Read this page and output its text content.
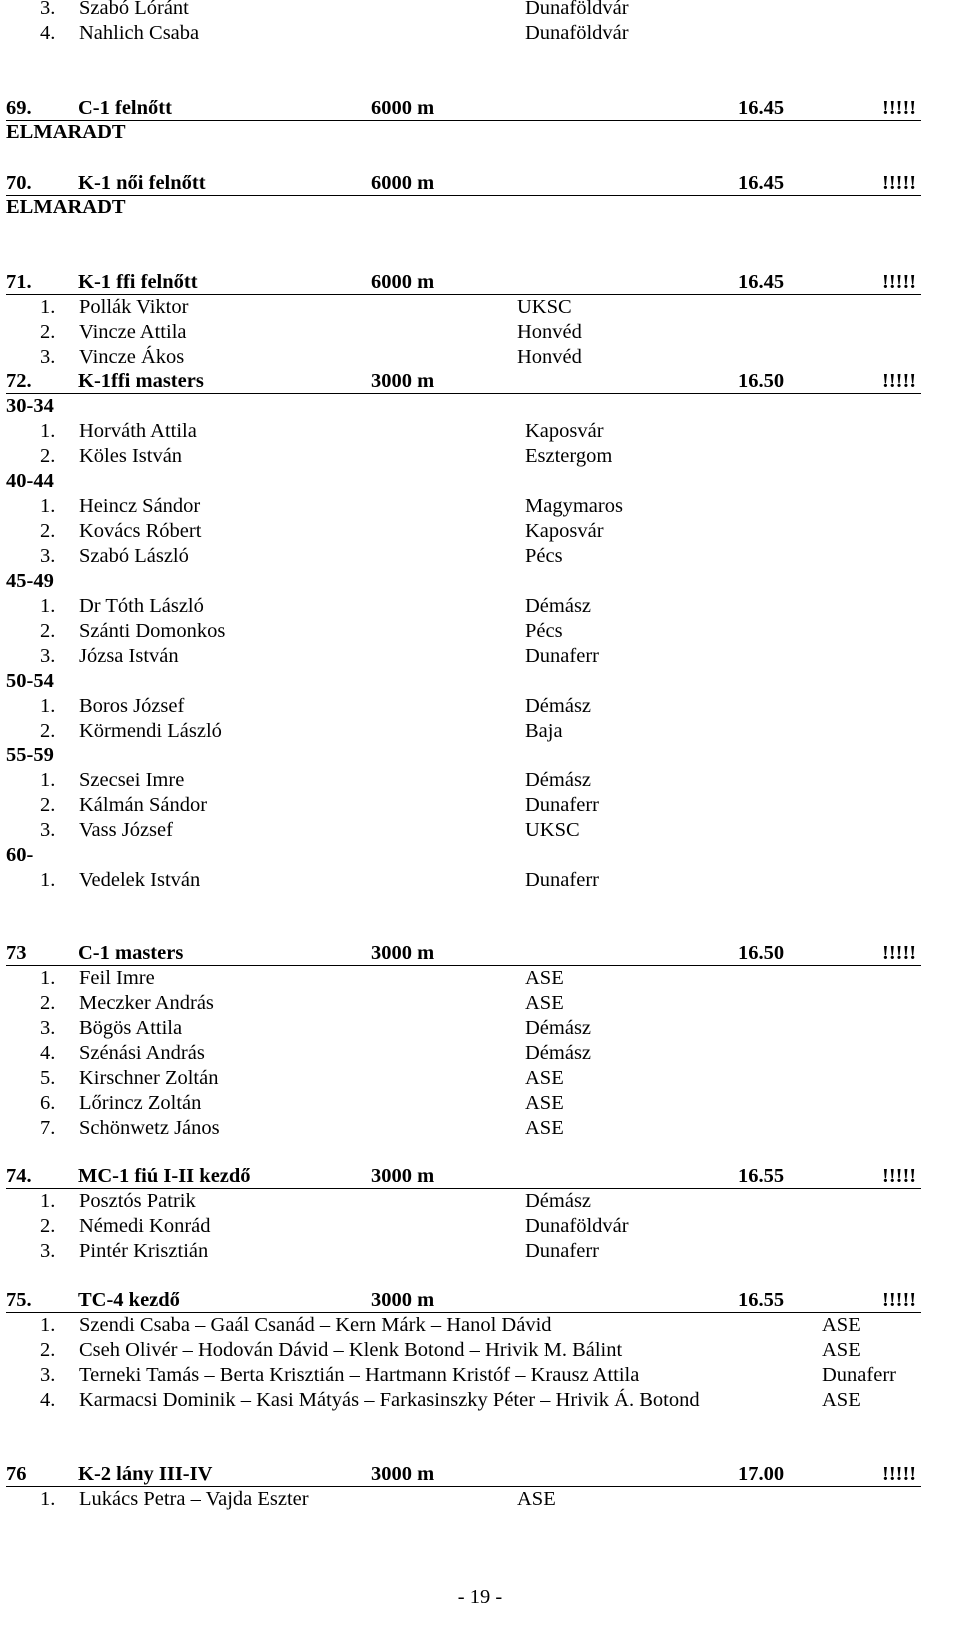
3. Szabó Lóránt	Dunaföldvár
4. Nahlich Csaba	Dunaföldvár
69. C-1 felnőtt	6000 m	16.45	!!!!!
ELMARADT
70. K-1 női felnőtt	6000 m	16.45	!!!!!
ELMARADT
71. K-1 ffi felnőtt	6000 m	16.45	!!!!!
1. Pollák Viktor	UKSC
2. Vincze Attila	Honvéd
3. Vincze Ákos	Honvéd
72. K-1ffi masters	3000 m	16.50	!!!!!
30-34
1. Horváth Attila	Kaposvár
2. Köles István	Esztergom
40-44
1. Heincz Sándor	Magymaros
2. Kovács Róbert	Kaposvár
3. Szabó László	Pécs
45-49
1. Dr Tóth László	Démász
2. Szánti Domonkos	Pécs
3. Józsa István	Dunaferr
50-54
1. Boros József	Démász
2. Körmendi László	Baja
55-59
1. Szecsei Imre	Démász
2. Kálmán Sándor	Dunaferr
3. Vass József	UKSC
60-
1. Vedelek István	Dunaferr
73	C-1 masters	3000 m	16.50	!!!!!
1. Feil Imre	ASE
2. Meczker András	ASE
3. Bögös Attila	Démász
4. Szénási András	Démász
5. Kirschner Zoltán	ASE
6. Lőrincz Zoltán	ASE
7. Schönwetz János	ASE
74. MC-1 fiú I-II kezdő	3000 m	16.55	!!!!!
1. Posztós Patrik	Démász
2. Némedi Konrád	Dunaföldvár
3. Pintér Krisztián	Dunaferr
75. TC-4 kezdő	3000 m	16.55	!!!!!
1. Szendi Csaba – Gaál Csanád – Kern Márk – Hanol Dávid	ASE
2. Cseh Olivér – Hodován Dávid – Klenk Botond – Hrivik M. Bálint	ASE
3. Terneki Tamás – Berta Krisztián – Hartmann Kristóf – Krausz Attila	Dunaferr
4. Karmacsi Dominik – Kasi Mátyás – Farkasinszky Péter – Hrivik Á. Botond	ASE
76	K-2 lány III-IV	3000 m	17.00	!!!!!
1. Lukács Petra – Vajda Eszter	ASE
- 19 -
